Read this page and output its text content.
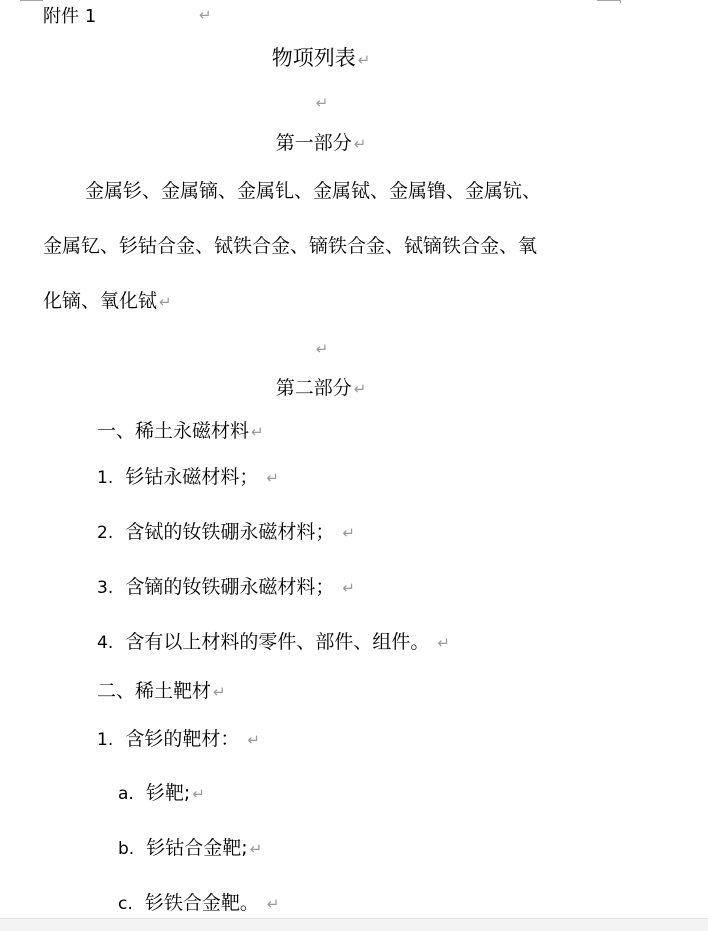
附件 1	↵
物项列表 ↵
↵
第一部分 ↵
金属钐、金属镝、金属钆、金属铽、金属镥、金属钪、
金属钇、钐钴合金、铽铁合金、镝铁合金、铽镝铁合金、氧
化镝、氧化铽 ↵
↵
第二部分 ↵
一、稀土永磁材料 ↵
1. 钐钴永磁材料； ↵
2. 含铽的钕铁硼永磁材料； ↵
3. 含镝的钕铁硼永磁材料； ↵
4. 含有以上材料的零件、部件、组件。 ↵
二、稀土靶材 ↵
1. 含钐的靶材： ↵
a. 钐靶; ↵
b. 钐钴合金靶; ↵
c. 钐铁合金靶。 ↵
